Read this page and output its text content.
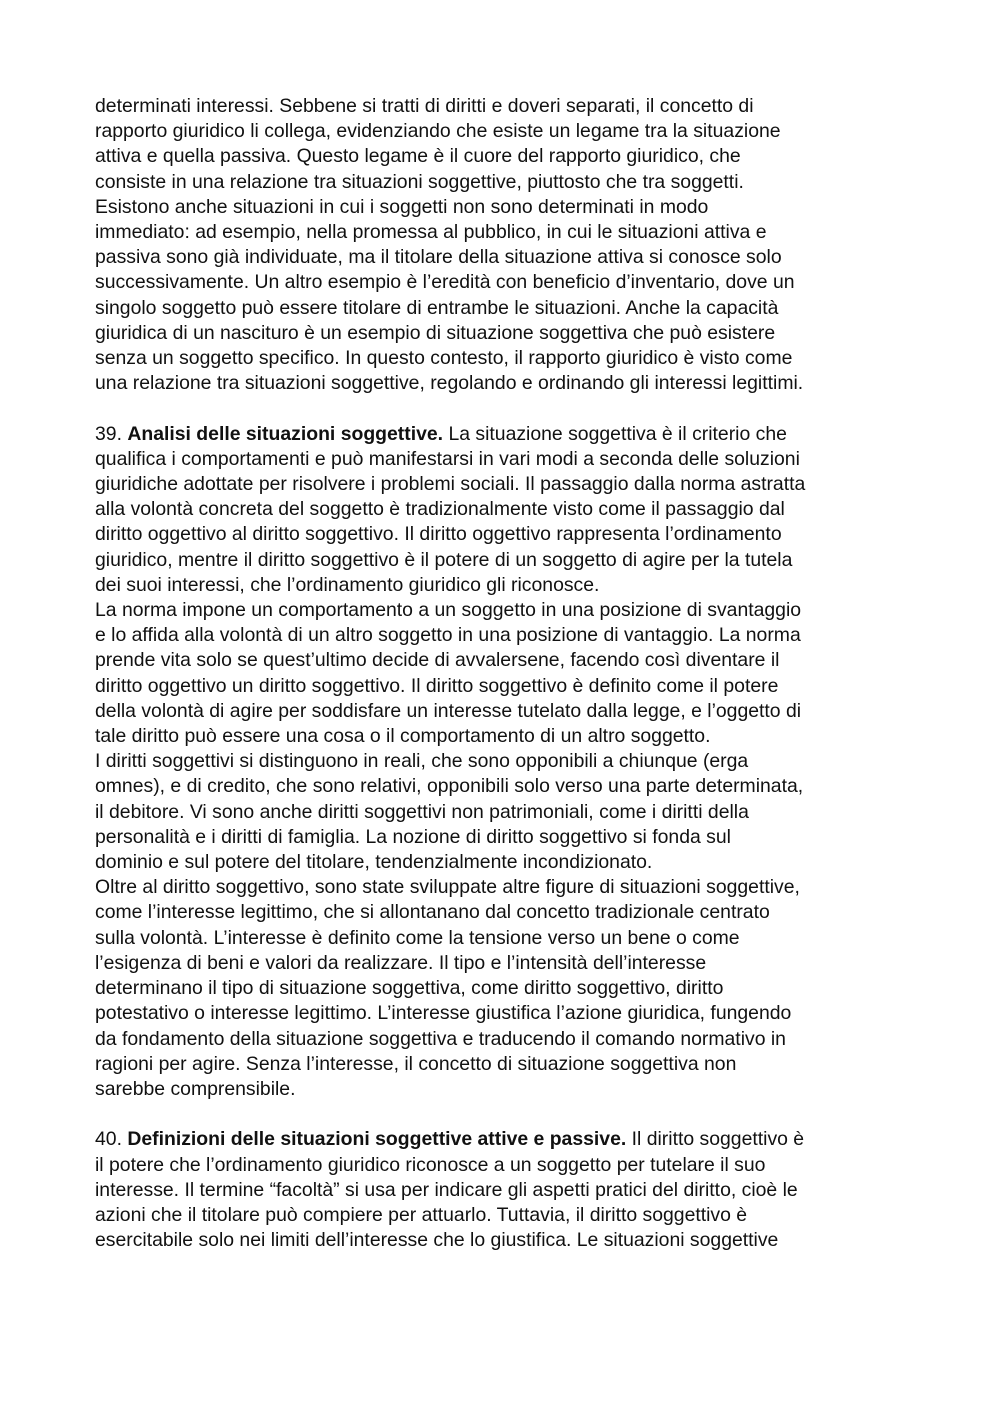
determinati interessi. Sebbene si tratti di diritti e doveri separati, il concetto di
rapporto giuridico li collega, evidenziando che esiste un legame tra la situazione
attiva e quella passiva. Questo legame è il cuore del rapporto giuridico, che
consiste in una relazione tra situazioni soggettive, piuttosto che tra soggetti.
Esistono anche situazioni in cui i soggetti non sono determinati in modo
immediato: ad esempio, nella promessa al pubblico, in cui le situazioni attiva e
passiva sono già individuate, ma il titolare della situazione attiva si conosce solo
successivamente. Un altro esempio è l’eredità con beneficio d’inventario, dove un
singolo soggetto può essere titolare di entrambe le situazioni. Anche la capacità
giuridica di un nascituro è un esempio di situazione soggettiva che può esistere
senza un soggetto specifico. In questo contesto, il rapporto giuridico è visto come
una relazione tra situazioni soggettive, regolando e ordinando gli interessi legittimi.

39. Analisi delle situazioni soggettive. La situazione soggettiva è il criterio che
qualifica i comportamenti e può manifestarsi in vari modi a seconda delle soluzioni
giuridiche adottate per risolvere i problemi sociali. Il passaggio dalla norma astratta
alla volontà concreta del soggetto è tradizionalmente visto come il passaggio dal
diritto oggettivo al diritto soggettivo. Il diritto oggettivo rappresenta l’ordinamento
giuridico, mentre il diritto soggettivo è il potere di un soggetto di agire per la tutela
dei suoi interessi, che l’ordinamento giuridico gli riconosce.

La norma impone un comportamento a un soggetto in una posizione di svantaggio
e lo affida alla volontà di un altro soggetto in una posizione di vantaggio. La norma
prende vita solo se quest’ultimo decide di avvalersene, facendo così diventare il
diritto oggettivo un diritto soggettivo. Il diritto soggettivo è definito come il potere
della volontà di agire per soddisfare un interesse tutelato dalla legge, e l’oggetto di
tale diritto può essere una cosa o il comportamento di un altro soggetto.

I diritti soggettivi si distinguono in reali, che sono opponibili a chiunque (erga
omnes), e di credito, che sono relativi, opponibili solo verso una parte determinata,
il debitore. Vi sono anche diritti soggettivi non patrimoniali, come i diritti della
personalità e i diritti di famiglia. La nozione di diritto soggettivo si fonda sul
dominio e sul potere del titolare, tendenzialmente incondizionato.

Oltre al diritto soggettivo, sono state sviluppate altre figure di situazioni soggettive,
come l’interesse legittimo, che si allontanano dal concetto tradizionale centrato
sulla volontà. L’interesse è definito come la tensione verso un bene o come
l’esigenza di beni e valori da realizzare. Il tipo e l’intensità dell’interesse
determinano il tipo di situazione soggettiva, come diritto soggettivo, diritto
potestativo o interesse legittimo. L’interesse giustifica l’azione giuridica, fungendo
da fondamento della situazione soggettiva e traducendo il comando normativo in
ragioni per agire. Senza l’interesse, il concetto di situazione soggettiva non
sarebbe comprensibile.

40. Definizioni delle situazioni soggettive attive e passive. Il diritto soggettivo è
il potere che l’ordinamento giuridico riconosce a un soggetto per tutelare il suo
interesse. Il termine “facoltà” si usa per indicare gli aspetti pratici del diritto, cioè le
azioni che il titolare può compiere per attuarlo. Tuttavia, il diritto soggettivo è
esercitabile solo nei limiti dell’interesse che lo giustifica. Le situazioni soggettive
